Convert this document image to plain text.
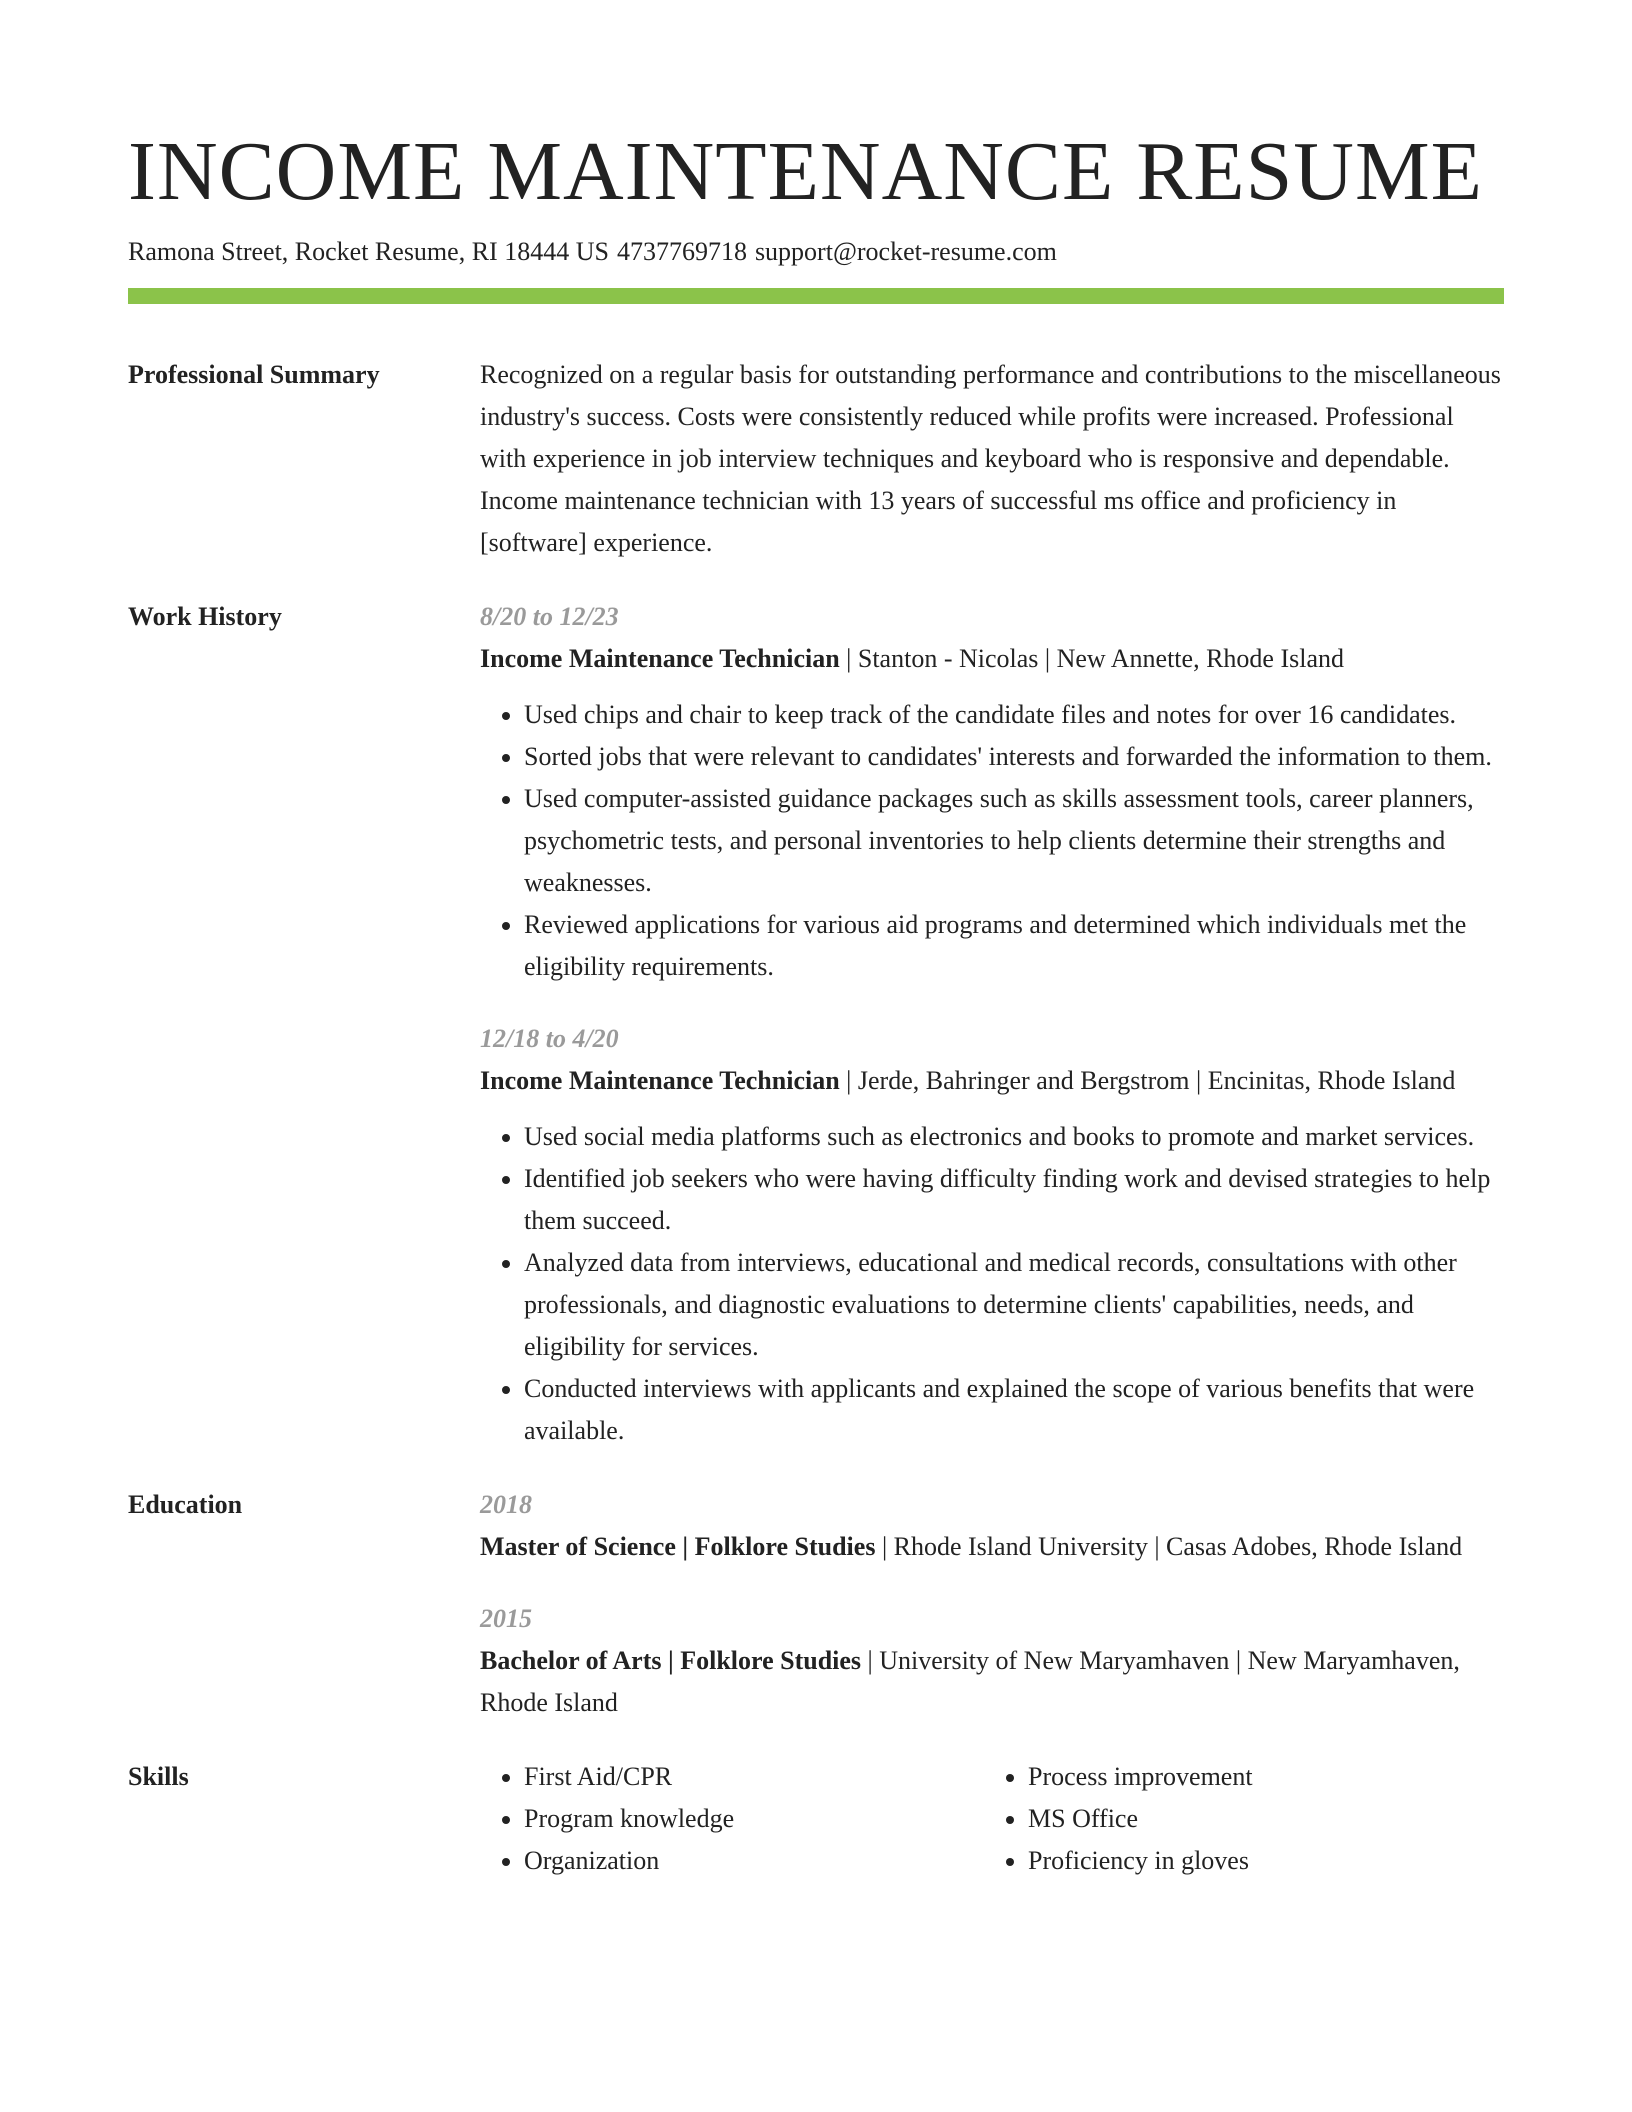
INCOME MAINTENANCE RESUME
Ramona Street, Rocket Resume, RI 18444 US 4737769718 support@rocket-resume.com
Professional Summary	Recognized on a regular basis for outstanding performance and contributions to the miscellaneous industry's success. Costs were consistently reduced while profits were increased. Professional with experience in job interview techniques and keyboard who is responsive and dependable. Income maintenance technician with 13 years of successful ms office and proficiency in [software] experience.
Work History	8/20 to 12/23
Income Maintenance Technician | Stanton - Nicolas | New Annette, Rhode Island
• Used chips and chair to keep track of the candidate files and notes for over 16 candidates.
• Sorted jobs that were relevant to candidates' interests and forwarded the information to them.
• Used computer-assisted guidance packages such as skills assessment tools, career planners, psychometric tests, and personal inventories to help clients determine their strengths and weaknesses.
• Reviewed applications for various aid programs and determined which individuals met the eligibility requirements.
12/18 to 4/20
Income Maintenance Technician | Jerde, Bahringer and Bergstrom | Encinitas, Rhode Island
• Used social media platforms such as electronics and books to promote and market services.
• Identified job seekers who were having difficulty finding work and devised strategies to help them succeed.
• Analyzed data from interviews, educational and medical records, consultations with other professionals, and diagnostic evaluations to determine clients' capabilities, needs, and eligibility for services.
• Conducted interviews with applicants and explained the scope of various benefits that were available.
Education	2018
Master of Science | Folklore Studies | Rhode Island University | Casas Adobes, Rhode Island
2015
Bachelor of Arts | Folklore Studies | University of New Maryamhaven | New Maryamhaven, Rhode Island
Skills
•	First Aid/CPR
• Program knowledge
• Organization
• Process improvement
• MS Office
• Proficiency in gloves
